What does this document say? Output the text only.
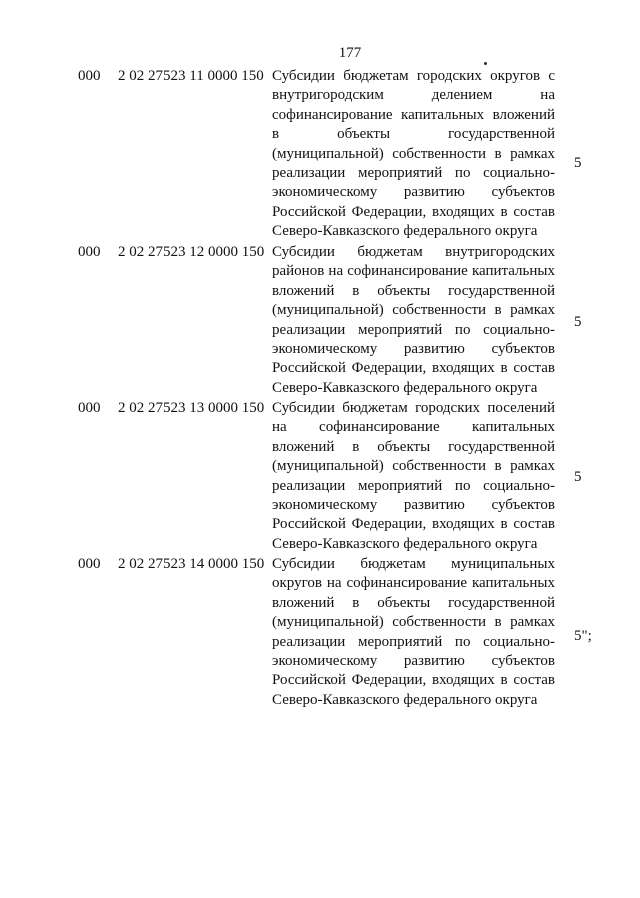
177
000 2 02 27523 11 0000 150 Субсидии бюджетам городских округов с внутригородским делением на софинансирование капитальных вложений в объекты государственной (муниципальной) собственности в рамках реализации мероприятий по социально-экономическому развитию субъектов Российской Федерации, входящих в состав Северо-Кавказского федерального округа
5
000 2 02 27523 12 0000 150 Субсидии бюджетам внутригородских районов на софинансирование капитальных вложений в объекты государственной (муниципальной) собственности в рамках реализации мероприятий по социально-экономическому развитию субъектов Российской Федерации, входящих в состав Северо-Кавказского федерального округа
5
000 2 02 27523 13 0000 150 Субсидии бюджетам городских поселений на софинансирование капитальных вложений в объекты государственной (муниципальной) собственности в рамках реализации мероприятий по социально-экономическому развитию субъектов Российской Федерации, входящих в состав Северо-Кавказского федерального округа
5
000 2 02 27523 14 0000 150 Субсидии бюджетам муниципальных округов на софинансирование капитальных вложений в объекты государственной (муниципальной) собственности в рамках реализации мероприятий по социально-экономическому развитию субъектов Российской Федерации, входящих в состав Северо-Кавказского федерального округа
5";
